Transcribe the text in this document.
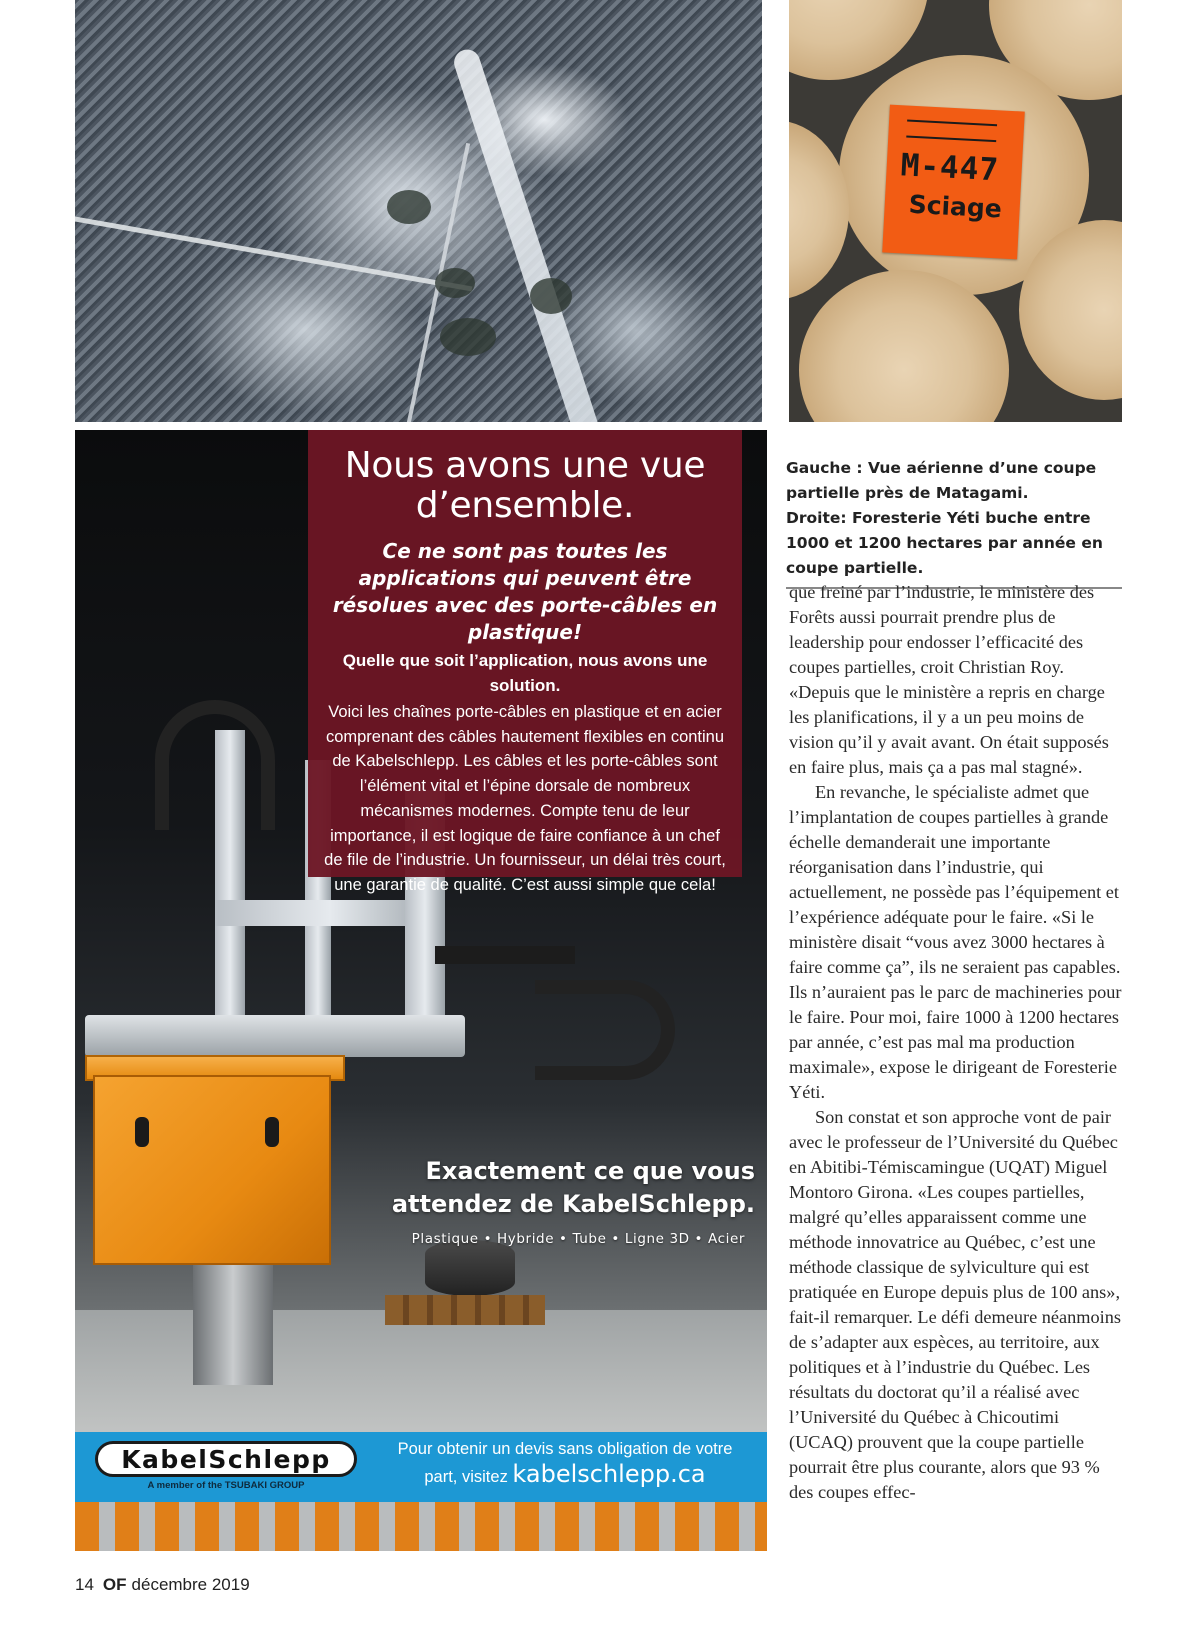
M-447
Sciage
Gauche : Vue aérienne d’une coupe partielle près de Matagami.
Droite: Foresterie Yéti buche entre 1000 et 1200 hectares par année en coupe partielle.

que freiné par l’industrie, le ministère des Forêts aussi pourrait prendre plus de leadership pour endosser l’efficacité des coupes partielles, croit Christian Roy. «Depuis que le ministère a repris en charge les planifications, il y a un peu moins de vision qu’il y avait avant. On était supposés en faire plus, mais ça a pas mal stagné».

En revanche, le spécialiste admet que l’implantation de coupes partielles à grande échelle demanderait une importante réorganisation dans l’industrie, qui actuellement, ne possède pas l’équipement et l’expérience adéquate pour le faire. «Si le ministère disait “vous avez 3000 hectares à faire comme ça”, ils ne seraient pas capables. Ils n’auraient pas le parc de machineries pour le faire. Pour moi, faire 1000 à 1200 hectares par année, c’est pas mal ma production maximale», expose le dirigeant de Foresterie Yéti.

Son constat et son approche vont de pair avec le professeur de l’Université du Québec en Abitibi-Témiscamingue (UQAT) Miguel Montoro Girona. «Les coupes partielles, malgré qu’elles apparaissent comme une méthode innovatrice au Québec, c’est une méthode classique de sylviculture qui est pratiquée en Europe depuis plus de 100 ans», fait-il remarquer. Le défi demeure néanmoins de s’adapter aux espèces, au territoire, aux politiques et à l’industrie du Québec. Les résultats du doctorat qu’il a réalisé avec l’Université du Québec à Chicoutimi (UCAQ) prouvent que la coupe partielle pourrait être plus courante, alors que 93 % des coupes effec-

Nous avons une vue d’ensemble.
Ce ne sont pas toutes les applications qui peuvent être résolues avec des porte-câbles en plastique!
Quelle que soit l’application, nous avons une solution.
Voici les chaînes porte-câbles en plastique et en acier comprenant des câbles hautement flexibles en continu de Kabelschlepp. Les câbles et les porte-câbles sont l’élément vital et l’épine dorsale de nombreux mécanismes modernes. Compte tenu de leur importance, il est logique de faire confiance à un chef de file de l’industrie. Un fournisseur, un délai très court, une garantie de qualité. C’est aussi simple que cela!
Exactement ce que vous attendez de KabelSchlepp.
Plastique • Hybride • Tube • Ligne 3D • Acier
KabelSchlepp
A member of the TSUBAKI GROUP
Pour obtenir un devis sans obligation de votre
part, visitez kabelschlepp.ca
14 OF décembre 2019
